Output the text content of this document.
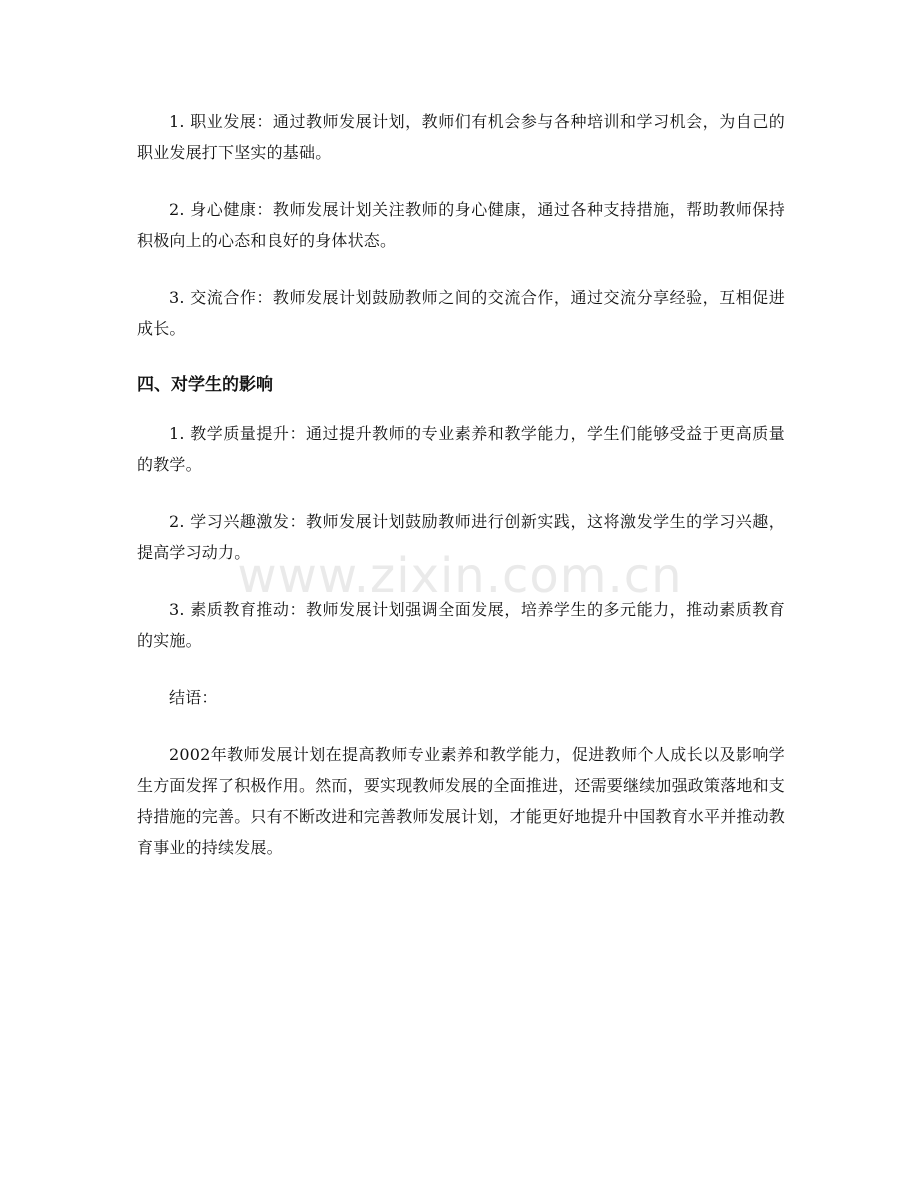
1. 职业发展：通过教师发展计划，教师们有机会参与各种培训和学习机会，为自己的职业发展打下坚实的基础。

2. 身心健康：教师发展计划关注教师的身心健康，通过各种支持措施，帮助教师保持积极向上的心态和良好的身体状态。

3. 交流合作：教师发展计划鼓励教师之间的交流合作，通过交流分享经验，互相促进成长。

四、对学生的影响

1. 教学质量提升：通过提升教师的专业素养和教学能力，学生们能够受益于更高质量的教学。

2. 学习兴趣激发：教师发展计划鼓励教师进行创新实践，这将激发学生的学习兴趣，提高学习动力。

3. 素质教育推动：教师发展计划强调全面发展，培养学生的多元能力，推动素质教育的实施。

结语：

2002年教师发展计划在提高教师专业素养和教学能力，促进教师个人成长以及影响学生方面发挥了积极作用。然而，要实现教师发展的全面推进，还需要继续加强政策落地和支持措施的完善。只有不断改进和完善教师发展计划，才能更好地提升中国教育水平并推动教育事业的持续发展。

www.zixin.com.cn
